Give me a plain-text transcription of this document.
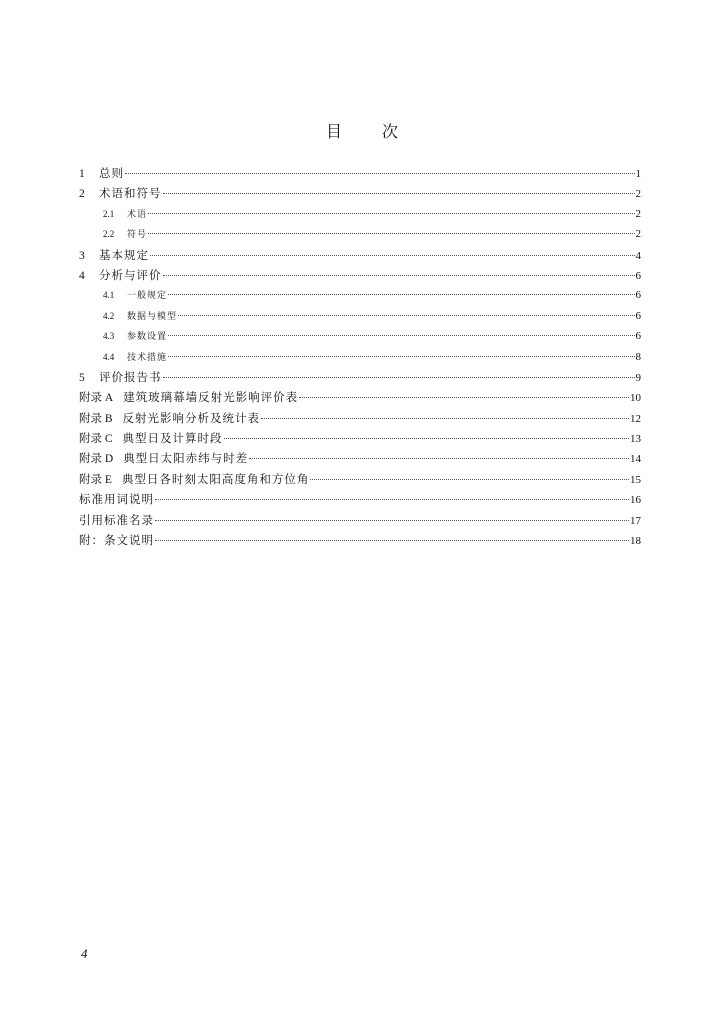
目	次
1	总则	1
2	术语和符号	2
2.1	术语	2
2.2	符号	2
3	基本规定	4
4	分析与评价	6
4.1	一般规定	6
4.2	数据与模型	6
4.3	参数设置	6
4.4	技术措施	8
5	评价报告书	9
附录 A 建筑玻璃幕墙反射光影响评价表	10
附录 B 反射光影响分析及统计表	12
附录 C 典型日及计算时段	13
附录 D 典型日太阳赤纬与时差	14
附录 E 典型日各时刻太阳高度角和方位角	15
标准用词说明	16
引用标准名录	17
附：条文说明	18
4
